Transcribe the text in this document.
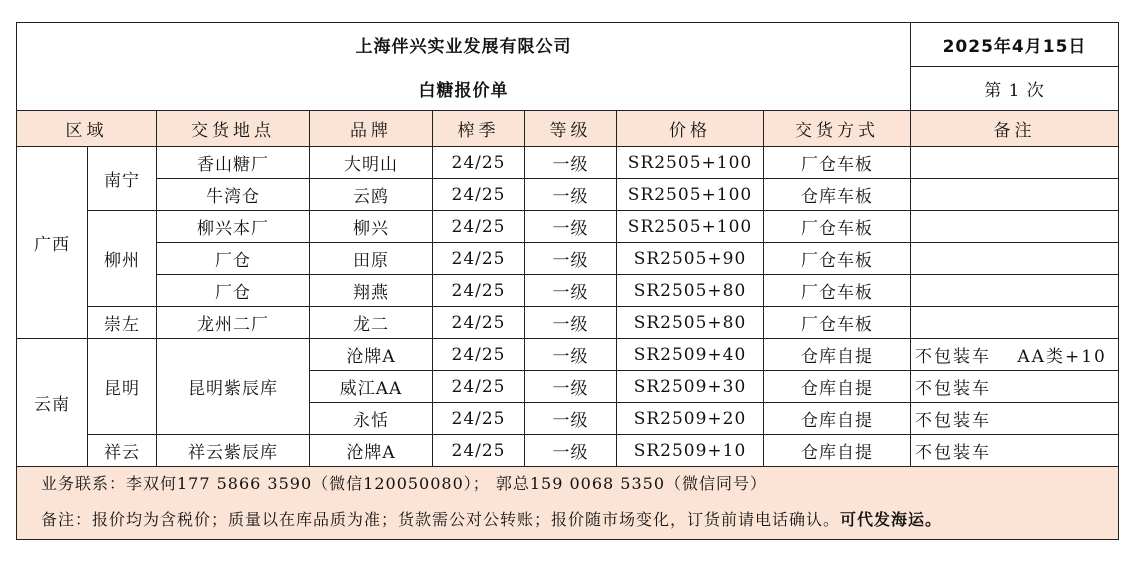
上海伴兴实业发展有限公司								2025年4月15日
白糖报价单								第 1 次
区域		交货地点	品牌	榨季	等级	价格	交货方式	备注
广西	南宁	香山糖厂	大明山	24/25	一级	SR2505+100	厂仓车板	
		牛湾仓	云鸥	24/25	一级	SR2505+100	仓库车板	
	柳州	柳兴本厂	柳兴	24/25	一级	SR2505+100	厂仓车板	
		厂仓	田原	24/25	一级	SR2505+90	厂仓车板	
		厂仓	翔燕	24/25	一级	SR2505+80	厂仓车板	
	崇左	龙州二厂	龙二	24/25	一级	SR2505+80	厂仓车板	
云南	昆明	昆明紫辰库	沧牌A	24/25	一级	SR2509+40	仓库自提	不包装车　 AA类+10
			威江AA	24/25	一级	SR2509+30	仓库自提	不包装车
			永恬	24/25	一级	SR2509+20	仓库自提	不包装车
	祥云	祥云紫辰库	沧牌A	24/25	一级	SR2509+10	仓库自提	不包装车

业务联系：李双何177 5866 3590（微信120050080）； 郭总159 0068 5350（微信同号）
备注：报价均为含税价；质量以在库品质为准；货款需公对公转账；报价随市场变化，订货前请电话确认。可代发海运。								
